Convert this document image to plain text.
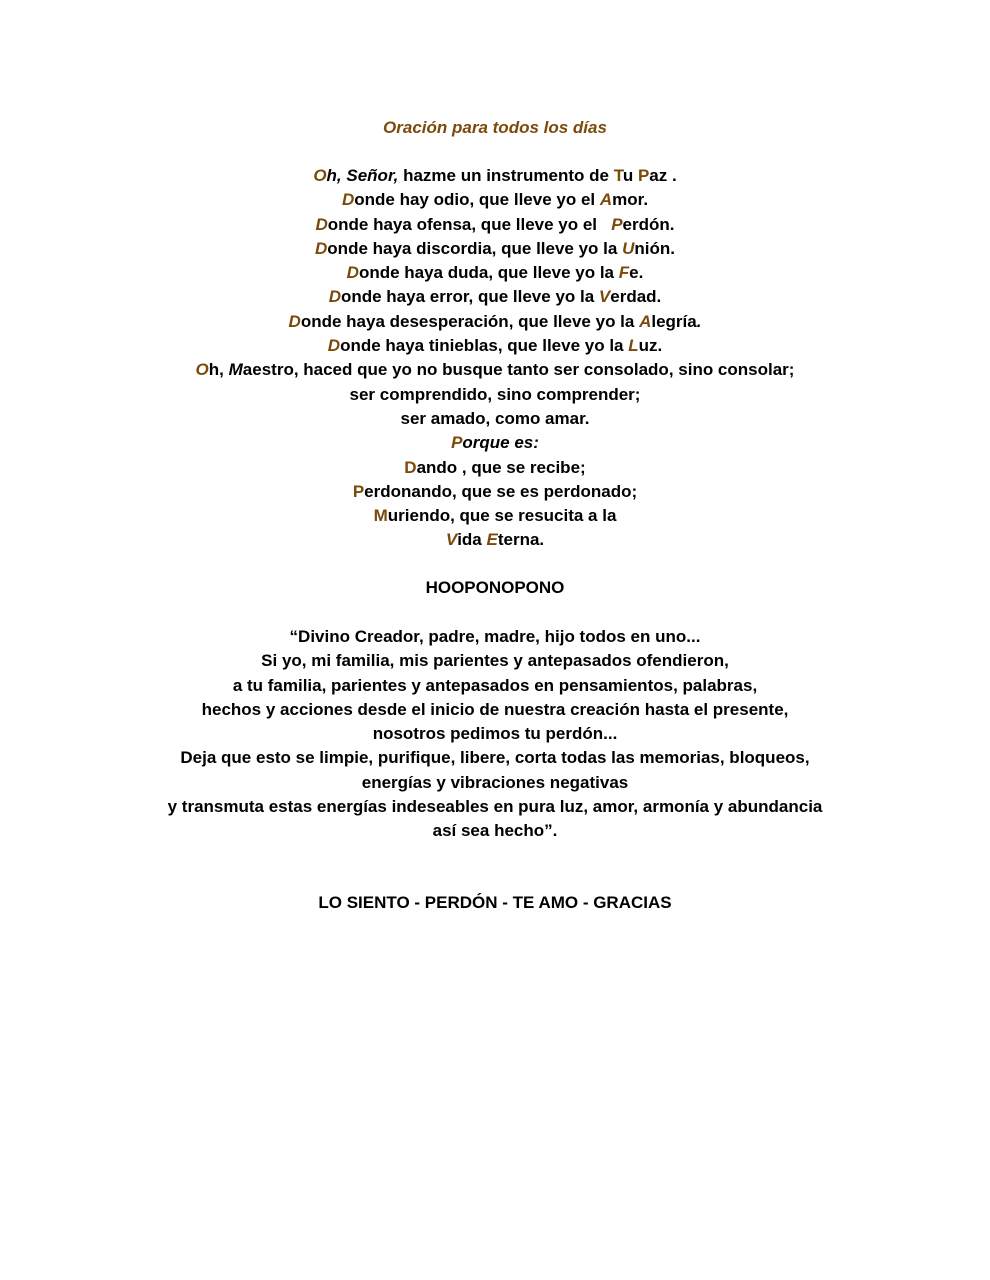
Oración para todos los días
Oh, Señor, hazme un instrumento de Tu Paz .
Donde hay odio, que lleve yo el Amor.
Donde haya ofensa, que lleve yo el   Perdón.
Donde haya discordia, que lleve yo la Unión.
Donde haya duda, que lleve yo la Fe.
Donde haya error, que lleve yo la Verdad.
Donde haya desesperación, que lleve yo la Alegría.
Donde haya tinieblas, que lleve yo la Luz.
Oh, Maestro, haced que yo no busque tanto ser consolado, sino consolar;
ser comprendido, sino comprender;
ser amado, como amar.
Porque es:
Dando , que se recibe;
Perdonando, que se es perdonado;
Muriendo, que se resucita a la
Vida Eterna.
HOOPONOPONO
“Divino Creador, padre, madre, hijo todos en uno...
Si yo, mi familia, mis parientes y antepasados ofendieron,
a tu familia, parientes y antepasados en pensamientos, palabras,
hechos y acciones desde el inicio de nuestra creación hasta el presente,
nosotros pedimos tu perdón...
Deja que esto se limpie, purifique, libere, corta todas las memorias, bloqueos,
energías y vibraciones negativas
y transmuta estas energías indeseables en pura luz, amor, armonía y abundancia
así sea hecho”.
LO SIENTO - PERDÓN - TE AMO - GRACIAS
